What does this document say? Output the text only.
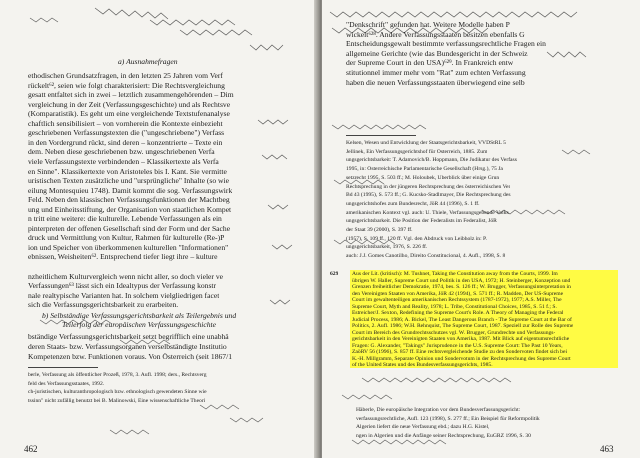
a) Ausnahmefragen
ethodischen Grundsatzfragen, in den letzten 25 Jahren vom Verf
rückelt⁶², seien wie folgt charakterisiert: Die Rechtsvergleichung
gesatt entfaltet sich in zwei – letztlich zusammengehörenden – Dim
vergleichung in der Zeit (Verfassungsgeschichte) und als Rechtsve
(Komparatistik). Es geht um eine vergleichende Textstufenanalyse
chaftlich sensibilisiert – von vornherein die Kontexte einbezieht
geschriebenen Verfassungstexten die ("ungeschriebene") Verfass
in den Vordergrund rückt, sind deren – konzentrierte – Texte ein
dem. Neben diese geschriebenen bzw. ungeschriebenen Verfa
viele Verfassungstexte verbindenden – Klassikertexte als Verfa
en Sinne". Klassikertexte von Aristoteles bis I. Kant. Sie vermitte
uristischen Texten zusätzliche und "ursprüngliche" Inhalte (so wie
eilung Montesquieu 1748). Damit kommt die sog. Verfassungswirk
Feld. Neben den klassischen Verfassungsfunktionen der Machtbeg
ung und Einheitsstiftung, der Organisation von staatlichen Kompet
n tritt eine weitere: die kulturelle. Lebende Verfassungen als ein
pinterpreten der offenen Gesellschaft sind der Form und der Sache
druck und Vermittlung von Kultur, Rahmen für kulturelle (Re-)P
ion und Speicher von überkommenen kulturellen "Informationen"
ebnissen, Weisheiten⁶². Entsprechend tiefer liegt ihre – kulture
nzheitlichem Kulturvergleich wenn nicht aller, so doch vieler ve
Verfassungen⁶³ lässt sich ein Idealtypus der Verfassung konstr
nale realtypische Varianten hat. In solchem vielgliedrigen facet
sich die Verfassungsgerichtsbarkeit zu erarbeiten.
b) Selbständige Verfassungsgerichtsbarkeit als Teilergebnis und
Teilerfolg der europäischen Verfassungsgeschichte
bständige Verfassungsgerichtsbarkeit setzt begrifflich eine unabhä
deren Staats- bzw. Verfassungsorganen verselbständigte Institutio
Kompetenzen bzw. Funktionen voraus. Von Österreich (seit 1867/1
berle, Verfassung als öffentlicher Prozeß, 1978, 3. Aufl. 1998; ders., Rechtsverg
feld des Verfassungsstaates, 1992.
ch-juristischen, kulturanthropologisch bzw. ethnologisch gewendeten Sinne wie
tssinn" nicht zufällig benutzt bei B. Malinowski, Eine wissenschaftliche Theori
462
"Denkschrift" gefunden hat. Weitere Modelle haben P
wickelt⁶²⁸. Andere Verfassungsstaaten besitzen ebenfalls G
Entscheidungsgewalt bestimmte verfassungsrechtliche Fragen ein
allgemeine Gerichte (wie das Bundesgericht in der Schweiz
der Supreme Court in den USA)⁶²⁹. In Frankreich entw
stitutionnel immer mehr vom "Rat" zum echten Verfassung
haben die neuen Verfassungsstaaten überwiegend eine selb
Kelsen, Wesen und Entwicklung der Staatsgerichtsbarkeit, VVDStRL 5
Jellinek, Ein Verfassungsgerichtshof für Österreich, 1885. Zum
ungsgerichtsbarkeit: T. Adamovich/B. Hoppmann, Die Judikatur des Verfass
1995, in: Österreichische Parlamentarische Gesellschaft (Hrsg.), 75 Ja
setzrecht 1995, S. 503 ff.; M. Holoubek, Überblick über einige Grun
Rechtsprechung in der jüngeren Rechtsprechung des österreichischen Ver
Bd 43 (1995), S. 573 ff.; G. Kucsko-Stadlmayer, Die Rechtsprechung des
ungsgerichtshofes zum Bundesrecht, JöR 44 (1996), S. 1 ff.
amerikanischen Kontext vgl. auch: U. Thiele, Verfassungsgebende Volks
ungsgerichtsbarkeit. Die Position der Federalists im Federalist, JöR
der Staat 39 (2000), S. 397 ff.
(1957), S. 109 ff., 120 ff. Vgl. den Abdruck von Leibholz in: P.
ungsgerichtsbarkeit, 1976, S. 226 ff.
auch: J.J. Gomes Canotilho, Direito Constitucional, 4. Aufl., 1998, S. 8
629 Aus der Lit. (kritisch): M. Tushnet, Taking the Constitution away from the Courts, 1999. Im
übrigen W. Haller, Supreme Court und Politik in den USA, 1972; H. Steinberger, Konzeption und
Grenzen freiheitlicher Demokratie, 1974, bes. S. 126 ff.; W. Brugger, Verfassungsinterpretation in
den Vereinigten Staaten von Amerika, JöR 42 (1994), S. 571 ff.; R. Madden, Der US-Supreme
Court im gewaltenteiligen amerikanischen Rechtssystem (1787-1972), 1977; A.S. Miller, The
Supreme Court, Myth and Reality, 1978; L. Tribe, Constitutional Choices, 1985, S. 51 f.; S.
Estreicher/J. Sexton, Redefining the Supreme Court's Role. A Theory of Managing the Federal
Judicial Process, 1986; A. Bickel, The Least Dangerous Branch - The Supreme Court at the Bar of
Politics, 2. Aufl. 1986; W.H. Rehnquist, The Supreme Court, 1987. Speziell zur Rolle des Supreme
Court im Bereich des Grundrechtsschutzes vgl. W. Brugger, Grundrechte und Verfassungs-
gerichtsbarkeit in den Vereinigten Staaten von Amerika, 1987. Mit Blick auf eigentumsrechtliche
Fragen: G. Alexander, "Takings" Jurisprudence in the U.S. Supreme Court: The Past 10 Years,
ZaöRV 56 (1996), S. 857 ff. Eine rechtsvergleichende Studie zu den Sondervoten findet sich bei
K.-H. Millgramm, Separate Opinion und Sondervotum in der Rechtsprechung des Supreme Court
of the United States und des Bundesverfassungsgerichts, 1985.
Häberle, Die europäische Integration vor dem Bundesverfassungsgericht:
verfassungsrechtliche, Aufl. 123 (1998), S. 277 ff.; Ein Beispiel für Reformpolitik
Algerien liefert die neue Verfassung ebd.; dazu H.G. Kistel,
ngen in Algerien und die Anfänge seiner Rechtsprechung, EuGRZ 1996, S. 30
463
